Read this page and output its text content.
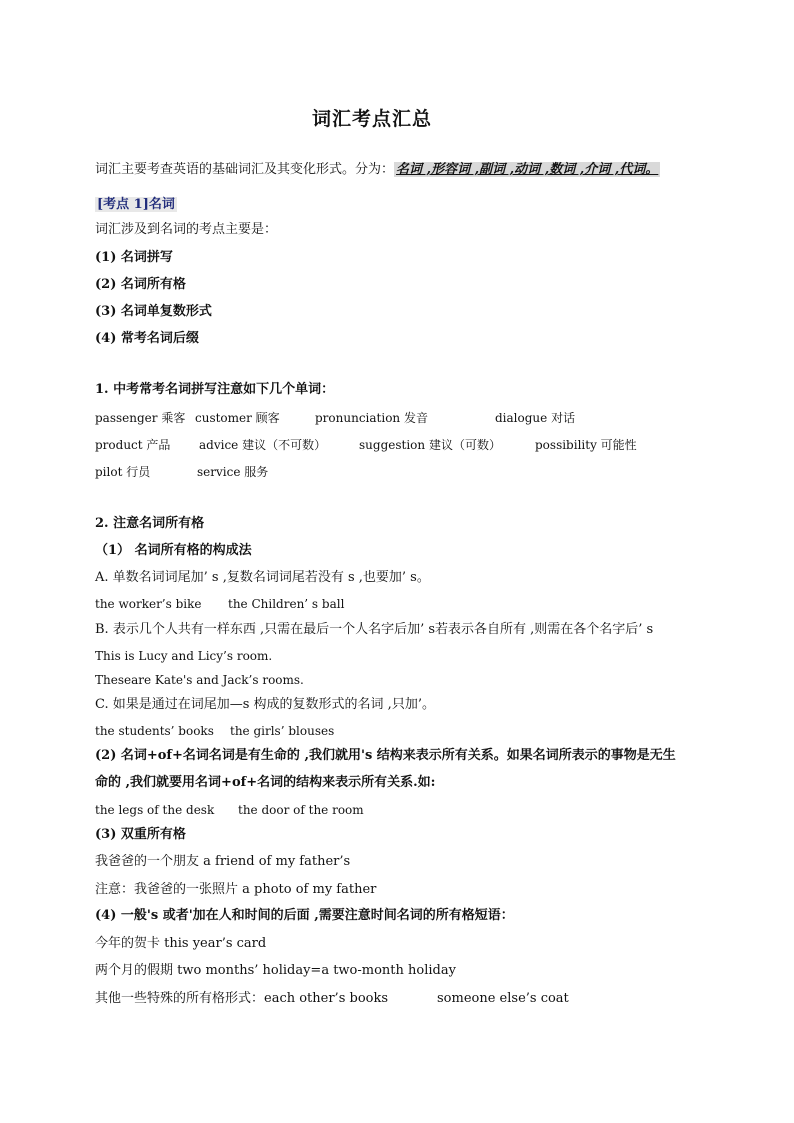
词汇考点汇总
词汇主要考查英语的基础词汇及其变化形式。分为： 名词 ,形容词 ,副词 ,动词 ,数词 ,介词 ,代词。
[考点 1]名词
词汇涉及到名词的考点主要是：
(1) 名词拼写
(2) 名词所有格
(3) 名词单复数形式
(4) 常考名词后缀
1. 中考常考名词拼写注意如下几个单词：
passenger 乘客 customer 顾客	pronunciation 发音	dialogue 对话
product 产品 advice 建议（不可数）	suggestion 建议（可数）	possibility 可能性
pilot 行员	service 服务
2. 注意名词所有格
（1） 名词所有格的构成法
A. 单数名词词尾加’ s ,复数名词词尾若没有 s ,也要加’ s。
the worker’s bike the Children’ s ball
B. 表示几个人共有一样东西 ,只需在最后一个人名字后加’ s若表示各自所有 ,则需在各个名字后’ s
This is Lucy and Licy’s room.
Theseare Kate's and Jack’s rooms.
C. 如果是通过在词尾加—s 构成的复数形式的名词 ,只加’。
the students’ books the girls’ blouses
(2) 名词+of+名词名词是有生命的 ,我们就用's 结构来表示所有关系。如果名词所表示的事物是无生
命的 ,我们就要用名词+of+名词的结构来表示所有关系.如:
the legs of the desk the door of the room
(3) 双重所有格
我爸爸的一个朋友 a friend of my father’s
注意：我爸爸的一张照片 a photo of my father
(4) 一般's 或者'加在人和时间的后面 ,需要注意时间名词的所有格短语：
今年的贺卡 this year’s card
两个月的假期 two months’ holiday=a two-month holiday
其他一些特殊的所有格形式：each other’s books	someone else’s coat
